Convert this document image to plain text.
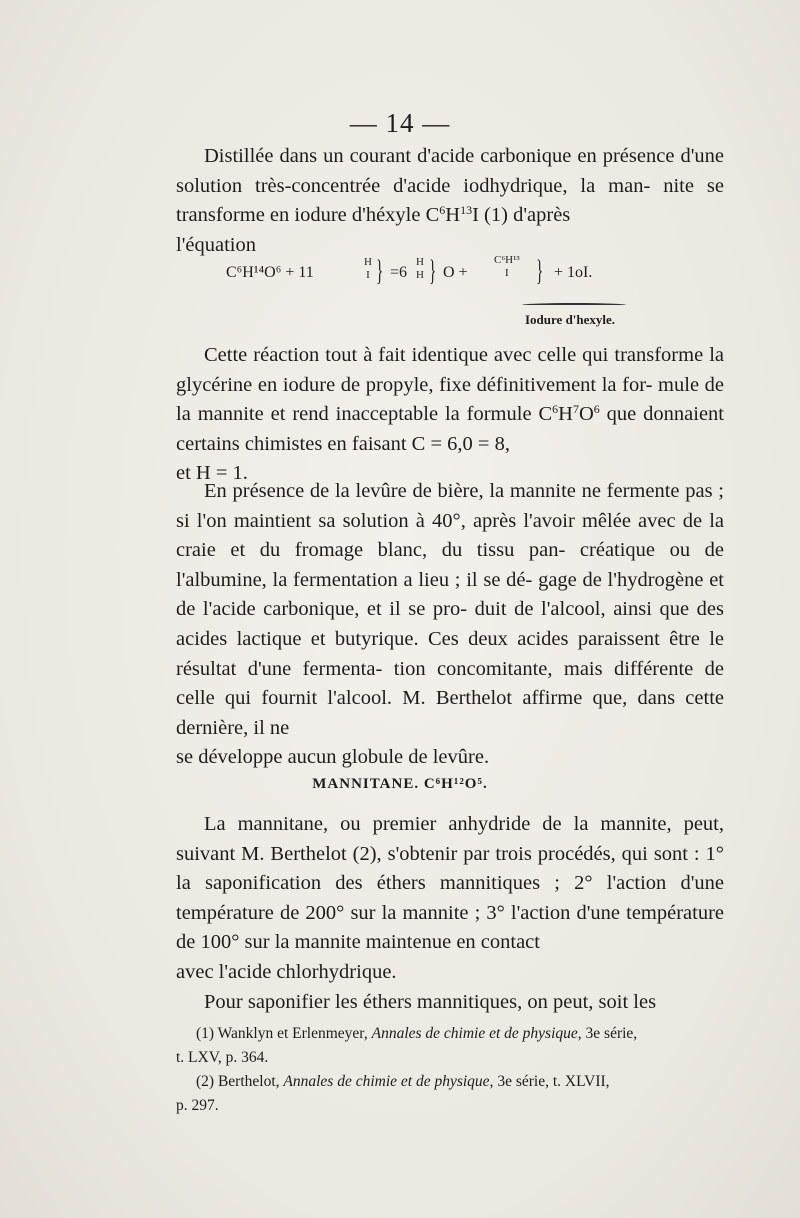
— 14 —

Distillée dans un courant d'acide carbonique en présence d'une solution très-concentrée d'acide iodhydrique, la man- nite se transforme en iodure d'héxyle $C^6H^{13}I$ (1) d'après
l'équation

C⁶H¹⁴O⁶ + 11
H
I } =6
H
H } O +
C⁶H¹³
I } + 1oI.
Iodure d'hexyle.

Cette réaction tout à fait identique avec celle qui transforme la glycérine en iodure de propyle, fixe définitivement la for- mule de la mannite et rend inacceptable la formule $C^6H^7O^6$ que donnaient certains chimistes en faisant C = 6,0 = 8,
et H = 1.

En présence de la levûre de bière, la mannite ne fermente pas ; si l'on maintient sa solution à 40°, après l'avoir mêlée avec de la craie et du fromage blanc, du tissu pan- créatique ou de l'albumine, la fermentation a lieu ; il se dé- gage de l'hydrogène et de l'acide carbonique, et il se pro- duit de l'alcool, ainsi que des acides lactique et butyrique. Ces deux acides paraissent être le résultat d'une fermenta- tion concomitante, mais différente de celle qui fournit l'alcool. M. Berthelot affirme que, dans cette dernière, il ne
se développe aucun globule de levûre.

MANNITANE. C⁶H¹²O⁵.

La mannitane, ou premier anhydride de la mannite, peut, suivant M. Berthelot (2), s'obtenir par trois procédés, qui sont : 1° la saponification des éthers mannitiques ; 2° l'action d'une température de 200° sur la mannite ; 3° l'action d'une température de 100° sur la mannite maintenue en contact
avec l'acide chlorhydrique.

Pour saponifier les éthers mannitiques, on peut, soit les

(1) Wanklyn et Erlenmeyer, Annales de chimie et de physique, 3e série,
t. LXV, p. 364.

(2) Berthelot, Annales de chimie et de physique, 3e série, t. XLVII,
p. 297.
